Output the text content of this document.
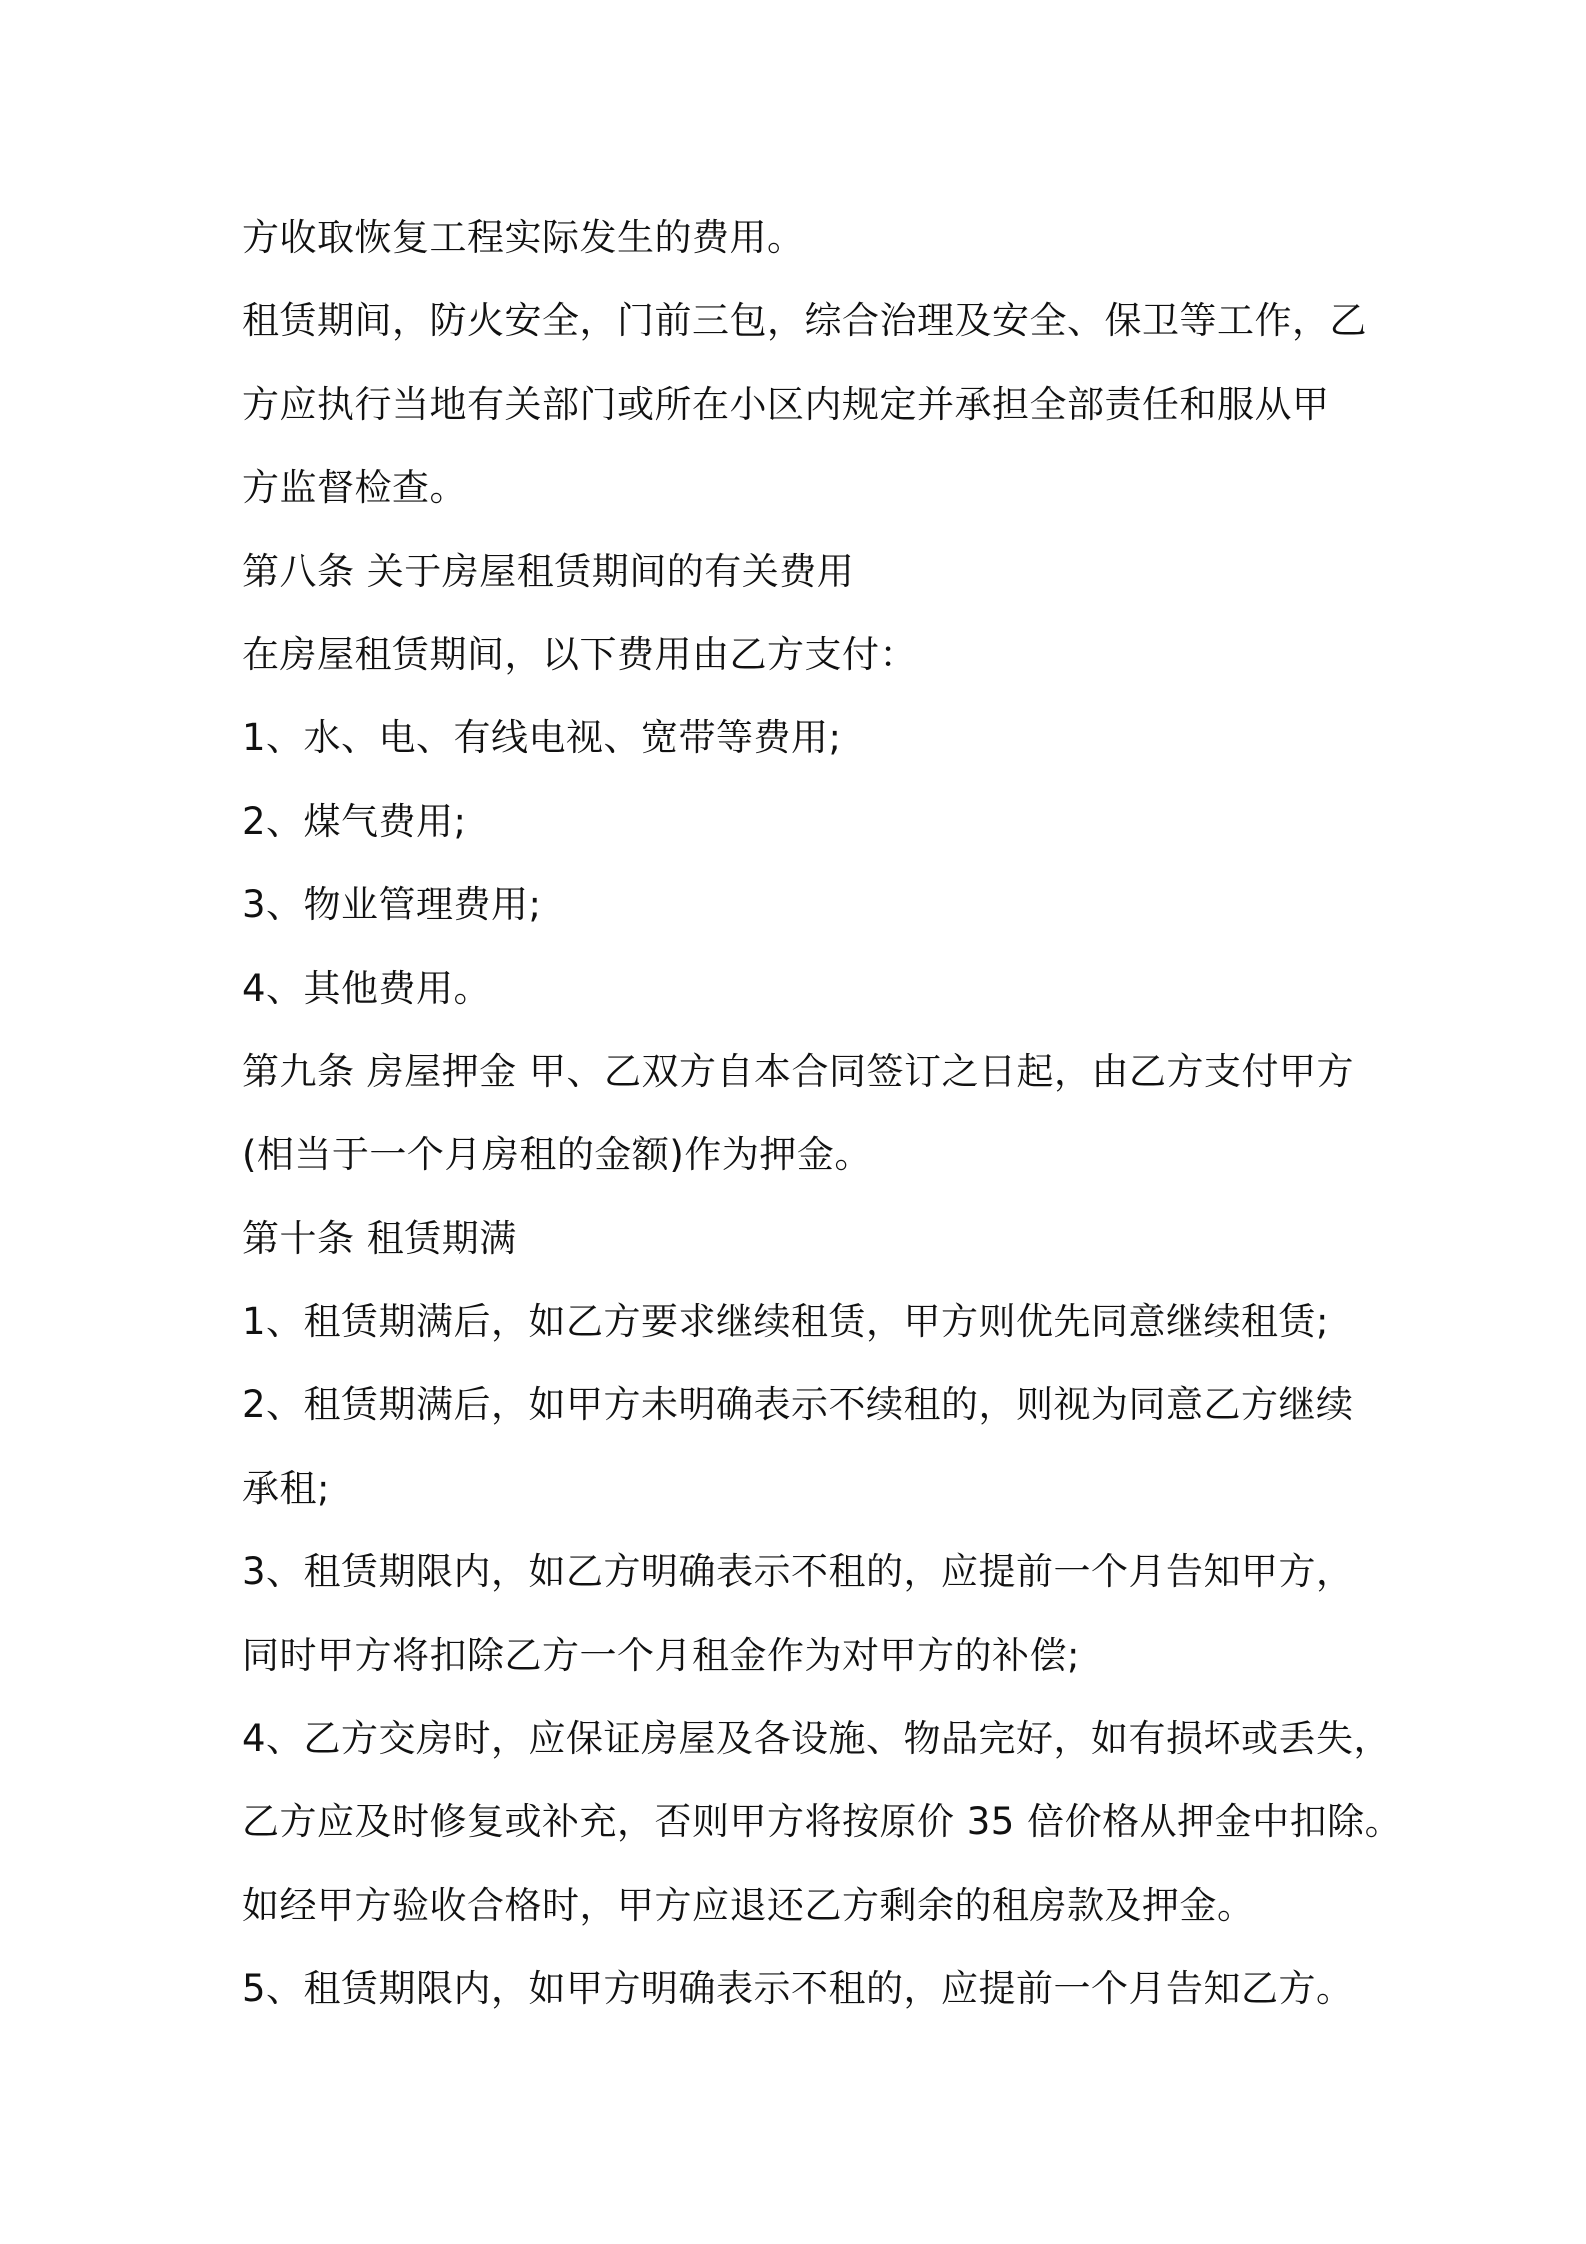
方收取恢复工程实际发生的费用。
租赁期间，防火安全，门前三包，综合治理及安全、保卫等工作，乙
方应执行当地有关部门或所在小区内规定并承担全部责任和服从甲
方监督检查。
第八条 关于房屋租赁期间的有关费用
在房屋租赁期间，以下费用由乙方支付：
1、水、电、有线电视、宽带等费用;
2、煤气费用;
3、物业管理费用;
4、其他费用。
第九条 房屋押金 甲、乙双方自本合同签订之日起，由乙方支付甲方
(相当于一个月房租的金额)作为押金。
第十条 租赁期满
1、租赁期满后，如乙方要求继续租赁，甲方则优先同意继续租赁;
2、租赁期满后，如甲方未明确表示不续租的，则视为同意乙方继续
承租;
3、租赁期限内，如乙方明确表示不租的，应提前一个月告知甲方，
同时甲方将扣除乙方一个月租金作为对甲方的补偿;
4、乙方交房时，应保证房屋及各设施、物品完好，如有损坏或丢失，
乙方应及时修复或补充，否则甲方将按原价 35 倍价格从押金中扣除。
如经甲方验收合格时，甲方应退还乙方剩余的租房款及押金。
5、租赁期限内，如甲方明确表示不租的，应提前一个月告知乙方。
